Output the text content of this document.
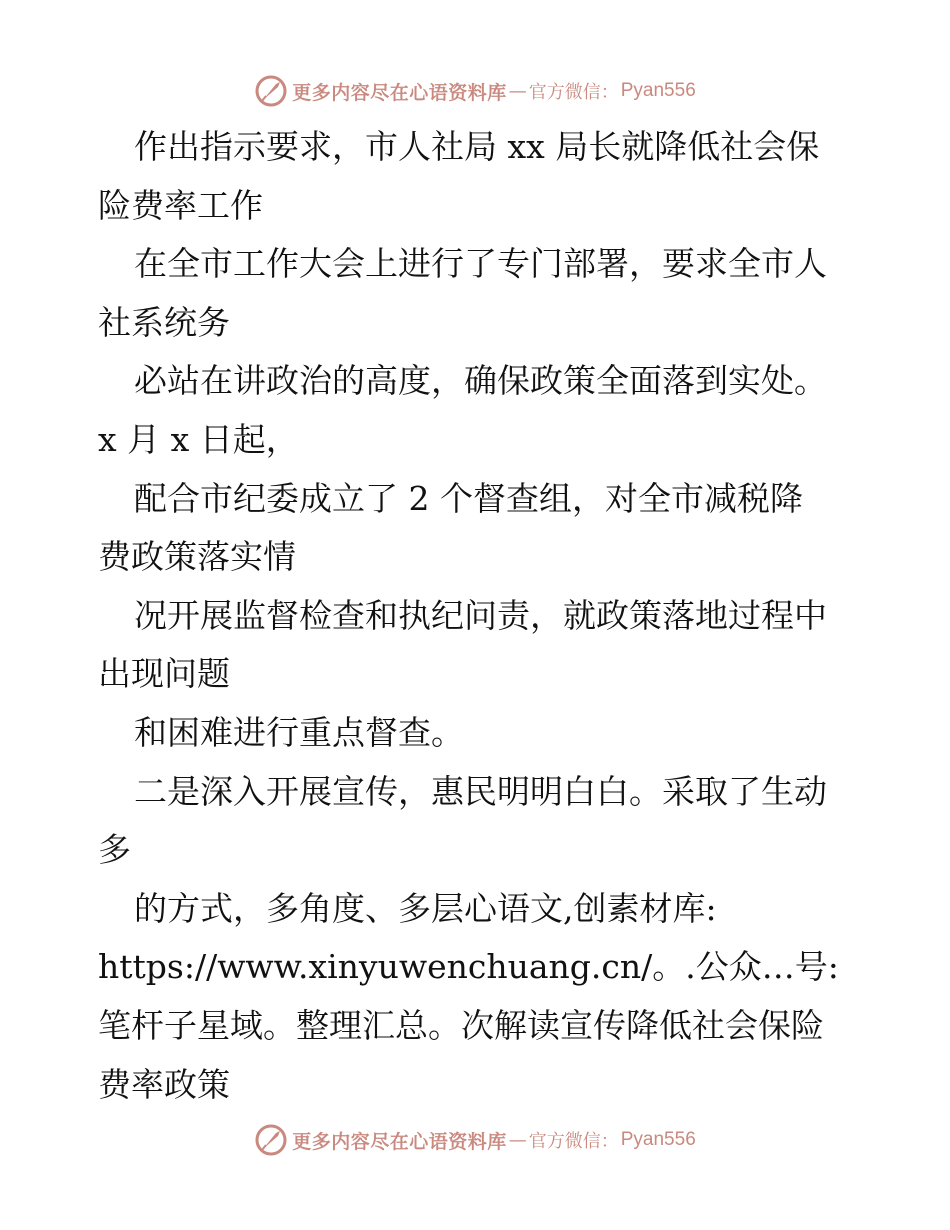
更多内容尽在心语资料库 — 官方微信： Pyan556

作出指示要求，市人社局 xx 局长就降低社会保

险费率工作

在全市工作大会上进行了专门部署，要求全市人

社系统务

必站在讲政治的高度，确保政策全面落到实处。

x 月 x 日起，

配合市纪委成立了 2 个督查组，对全市减税降

费政策落实情

况开展监督检查和执纪问责，就政策落地过程中

出现问题

和困难进行重点督查。

二是深入开展宣传，惠民明明白白。采取了生动

多

的方式，多角度、多层心语文,创素材库:

https://www.xinyuwenchuang.cn/。.公众…号:

笔杆子星域。整理汇总。次解读宣传降低社会保险

费率政策

更多内容尽在心语资料库 — 官方微信： Pyan556
